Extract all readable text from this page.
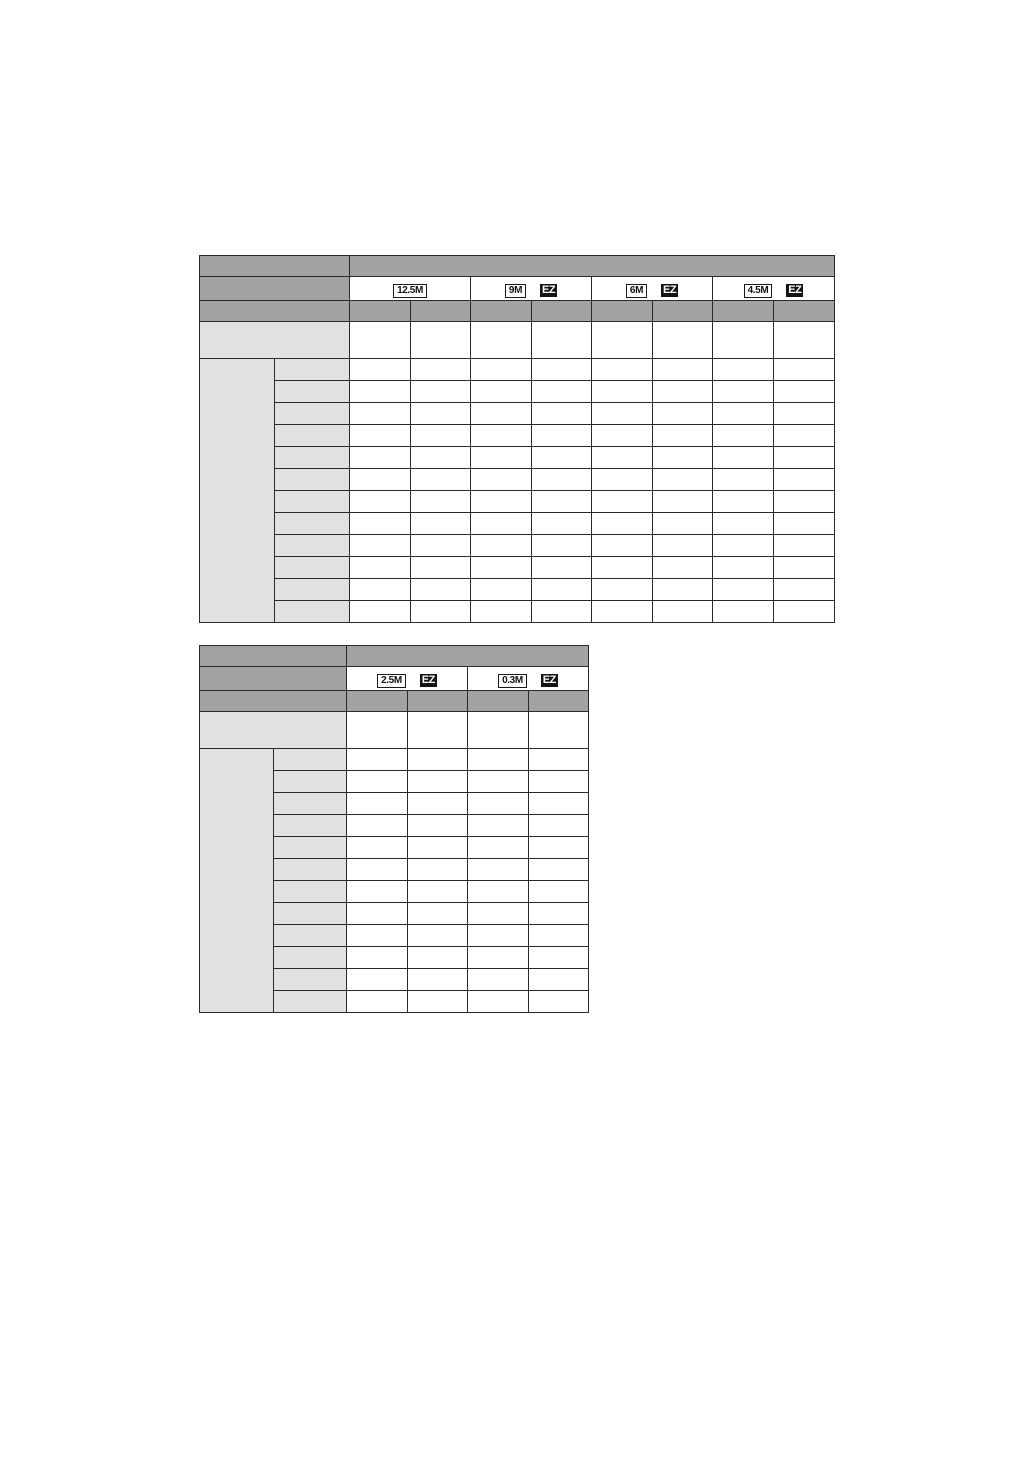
		12.5M		9M EZ		6M EZ		4.5M EZ	

		2.5M EZ		0.3M EZ	
